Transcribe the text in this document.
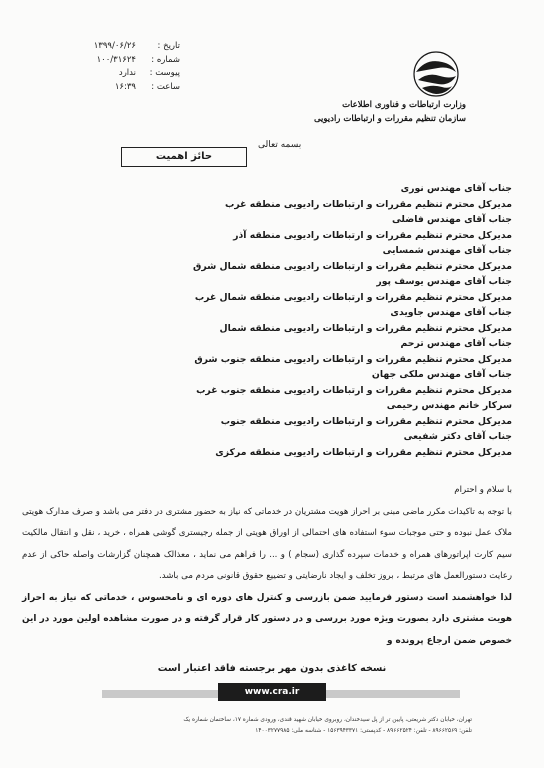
تاریخ :
۱۳۹۹/۰۶/۲۶
شماره :
۱۰۰/۳۱۶۲۴
پیوست :
ندارد
ساعت :
۱۶:۳۹
وزارت ارتباطات و فناوری اطلاعات
سازمان تنظیم مقررات و ارتباطات رادیویی
بسمه تعالی
حائز اهمیت
جناب آقای مهندس نوری
مدیرکل محترم تنظیم مقررات و ارتباطات رادیویی منطقه غرب
جناب آقای مهندس فاضلی
مدیرکل محترم تنظیم مقررات و ارتباطات رادیویی منطقه آذر
جناب آقای مهندس شمسایی
مدیرکل محترم تنظیم مقررات و ارتباطات رادیویی منطقه شمال شرق
جناب آقای مهندس یوسف پور
مدیرکل محترم تنظیم مقررات و ارتباطات رادیویی منطقه شمال غرب
جناب آقای مهندس جاویدی
مدیرکل محترم تنظیم مقررات و ارتباطات رادیویی منطقه شمال
جناب آقای مهندس ترحم
مدیرکل محترم تنظیم مقررات و ارتباطات رادیویی منطقه جنوب شرق
جناب آقای مهندس ملکی جهان
مدیرکل محترم تنظیم مقررات و ارتباطات رادیویی منطقه جنوب غرب
سرکار خانم مهندس رحیمی
مدیرکل محترم تنظیم مقررات و ارتباطات رادیویی منطقه جنوب
جناب آقای دکتر شفیعی
مدیرکل محترم تنظیم مقررات و ارتباطات رادیویی منطقه مرکزی

با سلام و احترام

با توجه به تاکیدات مکرر ماضی مبنی بر احراز هویت مشتریان در خدماتی که نیاز به حضور مشتری در دفتر می باشد و صرف مدارک هویتی ملاک عمل نبوده و حتی موجبات سوء استفاده های احتمالی از اوراق هویتی از جمله رجیستری گوشی همراه ، خرید ، نقل و انتقال مالکیت سیم کارت اپراتورهای همراه و خدمات سپرده گذاری (سجام ) و ... را فراهم می نماید ، معذالک همچنان گزارشات واصله حاکی از عدم رعایت دستورالعمل های مرتبط ، بروز تخلف و ایجاد نارضایتی و تضییع حقوق قانونی مردم می باشد.

لذا خواهشمند است دستور فرمایید ضمن بازرسی و کنترل های دوره ای و نامحسوس ، خدماتی که نیاز به احراز هویت مشتری دارد بصورت ویژه مورد بررسی و در دستور کار قرار گرفته و در صورت مشاهده اولین مورد در این خصوص ضمن ارجاع پرونده و

نسخه کاغذی بدون مهر برجسته فاقد اعتبار است
www.cra.ir
تهران، خیابان دکتر شریعتی، پایین تر از پل سیدخندان، روبروی خیابان شهید قندی، ورودی شماره ۱۷، ساختمان شماره یک
تلفن: ۸۹۶۶۲۵۶۹ - تلفن: ۸۹۶۶۲۵۲۴ - کدپستی: ۱۵۶۳۹۴۳۳۷۱ - شناسه ملی: ۱۴۰۰۳۲۷۷۹۸۵
